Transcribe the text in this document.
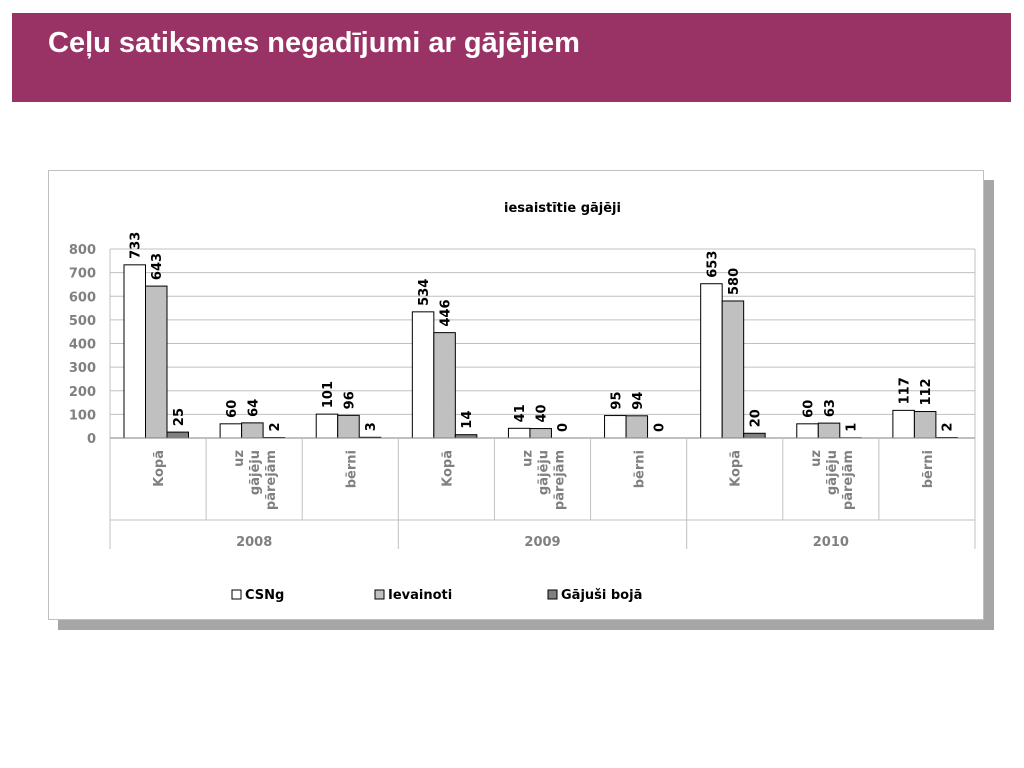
Ceļu satiksmes negadījumi ar gājējiem
iesaistītie gājēji
0
100
200
300
400
500
600
700
800	733
643
25	60 64
2
101 96
3
534
446
14	41 40
0
95 94
0
653
580
20
60 63
1
117 112
2
Kopā	uz gājēju pārejām	bērni	Kopā	uz gājēju pārejām	bērni	Kopā	uz gājēju pārejām	bērni
2008	2009	2010
CSNg	Ievainoti	Gājuši bojā
